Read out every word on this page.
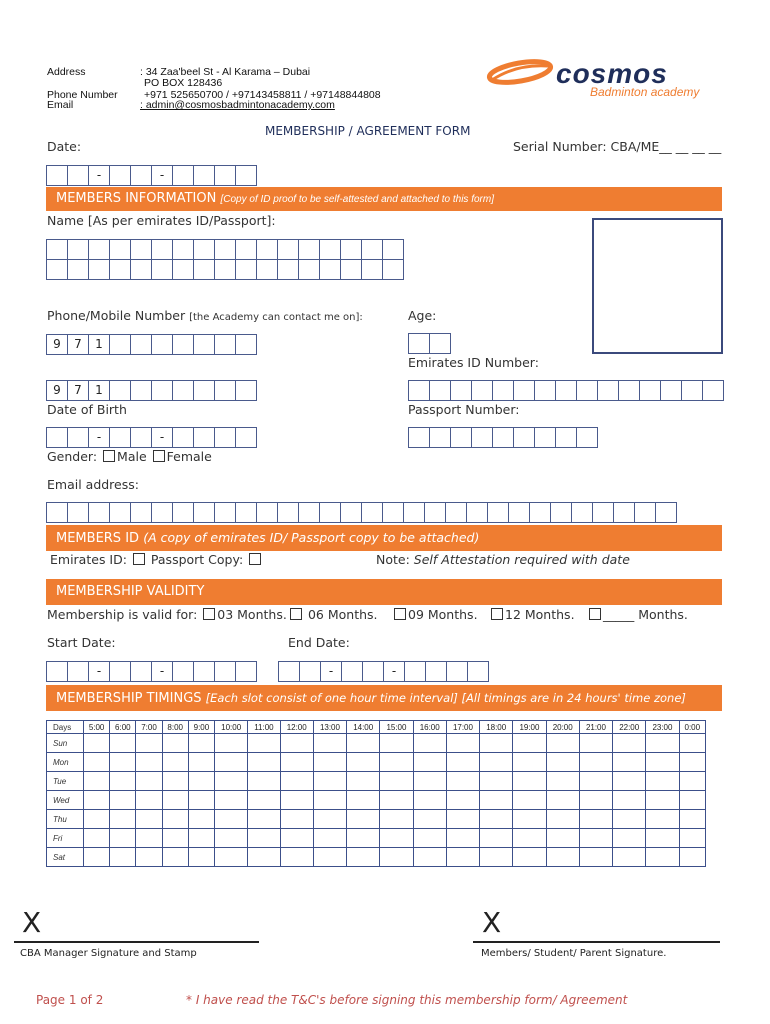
Address	: 34 Zaa'beel St - Al Karama – Dubai
PO BOX 128436
Phone Number	+971 525650700 / +97143458811 / +97148844808
Email	: admin@cosmosbadmintonacademy.com
cosmos
Badminton academy
MEMBERSHIP / AGREEMENT FORM
Date:	Serial Number: CBA/ME__ __ __ __
-	-
MEMBERS INFORMATION [Copy of ID proof to be self-attested and attached to this form]
Name [As per emirates ID/Passport]:
Phone/Mobile Number [the Academy can contact me on]:	Age:
9	7	1
Emirates ID Number:
9	7	1
Date of Birth	Passport Number:
-	-
Gender: Male Female
Email address:
MEMBERS ID (A copy of emirates ID/ Passport copy to be attached)
Emirates ID: Passport Copy:	Note: Self Attestation required with date
MEMBERSHIP VALIDITY
Membership is valid for: 03 Months.	06 Months.	09 Months.	12 Months.	_____ Months.
Start Date:	End Date:
-	-	-	-
MEMBERSHIP TIMINGS [Each slot consist of one hour time interval] [All timings are in 24 hours' time zone]
Days	5:00	6:00	7:00	8:00	9:00	10:00	11:00	12:00	13:00	14:00	15:00	16:00	17:00	18:00	19:00	20:00	21:00	22:00	23:00	0:00
Sun																				
Mon																				
Tue																				
Wed																				
Thu																				
Fri																				
Sat																				
X
CBA Manager Signature and Stamp
X
Members/ Student/ Parent Signature.
Page 1 of 2	* I have read the T&C's before signing this membership form/ Agreement
